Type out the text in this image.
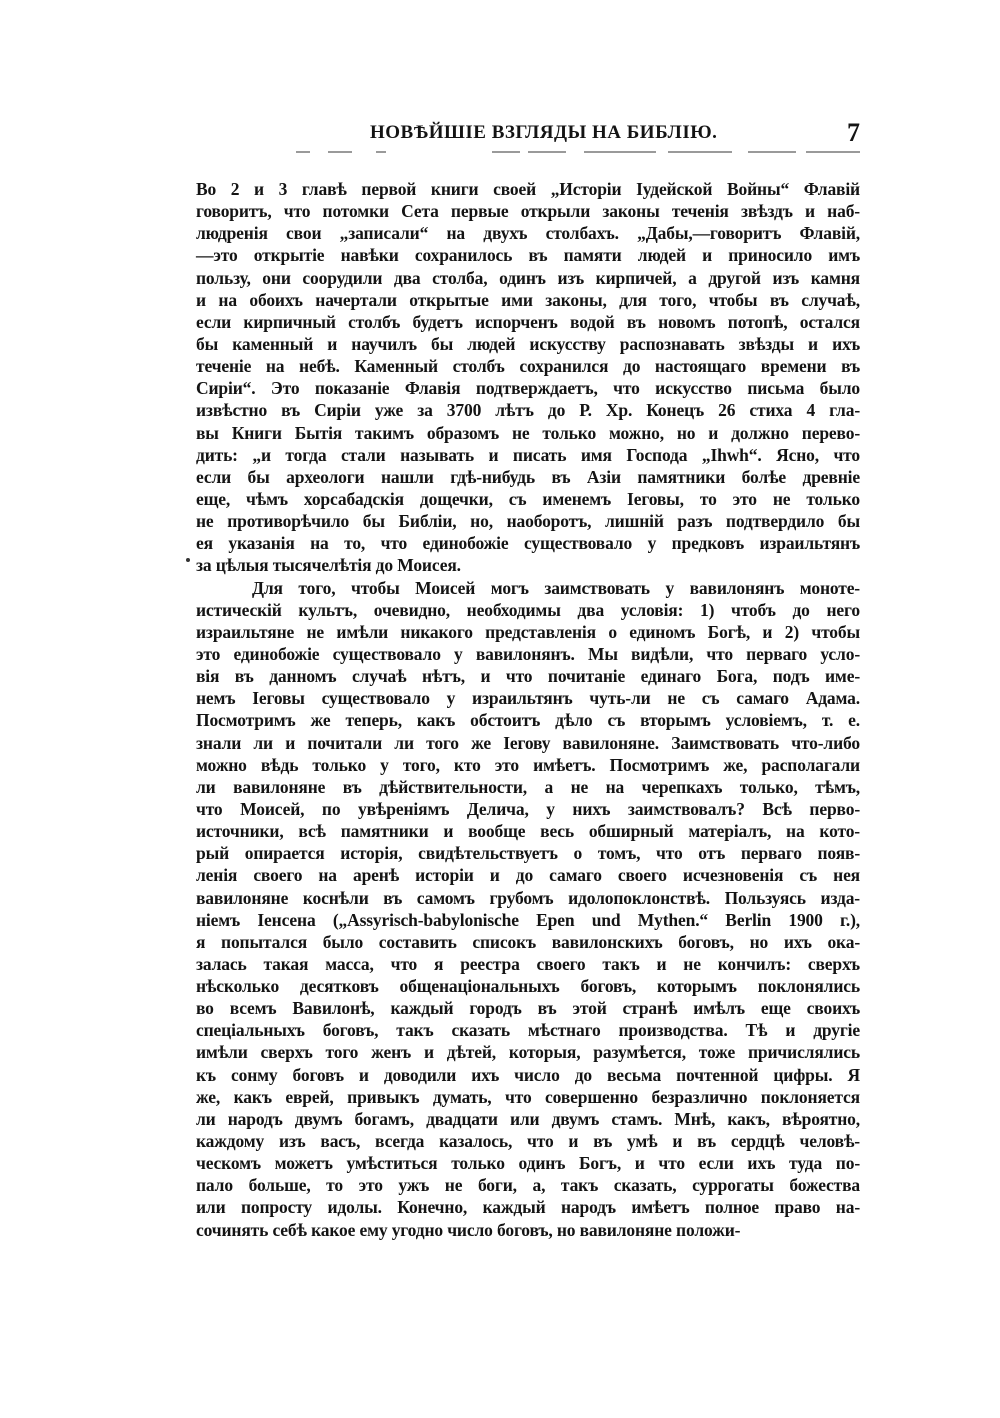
НОВѢЙШІЕ ВЗГЛЯДЫ НА БИБЛІЮ.	7
Во 2 и 3 главѣ первой книги своей „Исторіи Іудейской Войны“ Флавій
говоритъ, что потомки Сета первые открыли законы теченія звѣздъ и наб-
людренія свои „записали“ на двухъ столбахъ. „Дабы,—говоритъ Флавій,
—это открытіе навѣки сохранилось въ памяти людей и приносило имъ
пользу, они соорудили два столба, одинъ изъ кирпичей, а другой изъ камня
и на обоихъ начертали открытые ими законы, для того, чтобы въ случаѣ,
если кирпичный столбъ будетъ испорченъ водой въ новомъ потопѣ, остался
бы каменный и научилъ бы людей искусству распознавать звѣзды и ихъ
теченіе на небѣ. Каменный столбъ сохранился до настоящаго времени въ
Сиріи“. Это показаніе Флавія подтверждаетъ, что искусство письма было
извѣстно въ Сиріи уже за 3700 лѣтъ до Р. Хр. Конецъ 26 стиха 4 гла-
вы Книги Бытія такимъ образомъ не только можно, но и должно перево-
дить: „и тогда стали называть и писать имя Господа „Ihwh“. Ясно, что
если бы археологи нашли гдѣ-нибудь въ Азіи памятники болѣе древніе
еще, чѣмъ хорсабадскія дощечки, съ именемъ Іеговы, то это не только
не противорѣчило бы Библіи, но, наоборотъ, лишній разъ подтвердило бы
ея указанія на то, что единобожіе существовало у предковъ израильтянъ
за цѣлыя тысячелѣтія до Моисея.
Для того, чтобы Моисей могъ заимствовать у вавилонянъ моноте-
истическій культъ, очевидно, необходимы два условія: 1) чтобъ до него
израильтяне не имѣли никакого представленія о единомъ Богѣ, и 2) чтобы
это единобожіе существовало у вавилонянъ. Мы видѣли, что перваго усло-
вія въ данномъ случаѣ нѣтъ, и что почитаніе единаго Бога, подъ име-
немъ Іеговы существовало у израильтянъ чуть-ли не съ самаго Адама.
Посмотримъ же теперь, какъ обстоитъ дѣло съ вторымъ условіемъ, т. е.
знали ли и почитали ли того же Іегову вавилоняне. Заимствовать что-либо
можно вѣдь только у того, кто это имѣетъ. Посмотримъ же, располагали
ли вавилоняне въ дѣйствительности, а не на черепкахъ только, тѣмъ,
что Моисей, по увѣреніямъ Делича, у нихъ заимствовалъ? Всѣ перво-
источники, всѣ памятники и вообще весь обширный матеріалъ, на кото-
рый опирается исторія, свидѣтельствуетъ о томъ, что отъ перваго появ-
ленія своего на аренѣ исторіи и до самаго своего исчезновенія съ нея
вавилоняне коснѣли въ самомъ грубомъ идолопоклонствѣ. Пользуясь изда-
ніемъ Іенсена („Assyrisch-babylonische Epen und Mythen.“ Berlin 1900 г.),
я попытался было составить списокъ вавилонскихъ боговъ, но ихъ ока-
залась такая масса, что я реестра своего такъ и не кончилъ: сверхъ
нѣсколько десятковъ общенаціональныхъ боговъ, которымъ поклонялись
во всемъ Вавилонѣ, каждый городъ въ этой странѣ имѣлъ еще своихъ
спеціальныхъ боговъ, такъ сказать мѣстнаго производства. Тѣ и другіе
имѣли сверхъ того женъ и дѣтей, которыя, разумѣется, тоже причислялись
къ сонму боговъ и доводили ихъ число до весьма почтенной цифры. Я
же, какъ еврей, привыкъ думать, что совершенно безразлично поклоняется
ли народъ двумъ богамъ, двадцати или двумъ стамъ. Мнѣ, какъ, вѣроятно,
каждому изъ васъ, всегда казалось, что и въ умѣ и въ сердцѣ человѣ-
ческомъ можетъ умѣститься только одинъ Богъ, и что если ихъ туда по-
пало больше, то это ужъ не боги, а, такъ сказать, суррогаты божества
или попросту идолы. Конечно, каждый народъ имѣетъ полное право на-
сочинять себѣ какое ему угодно число боговъ, но вавилоняне положи-
